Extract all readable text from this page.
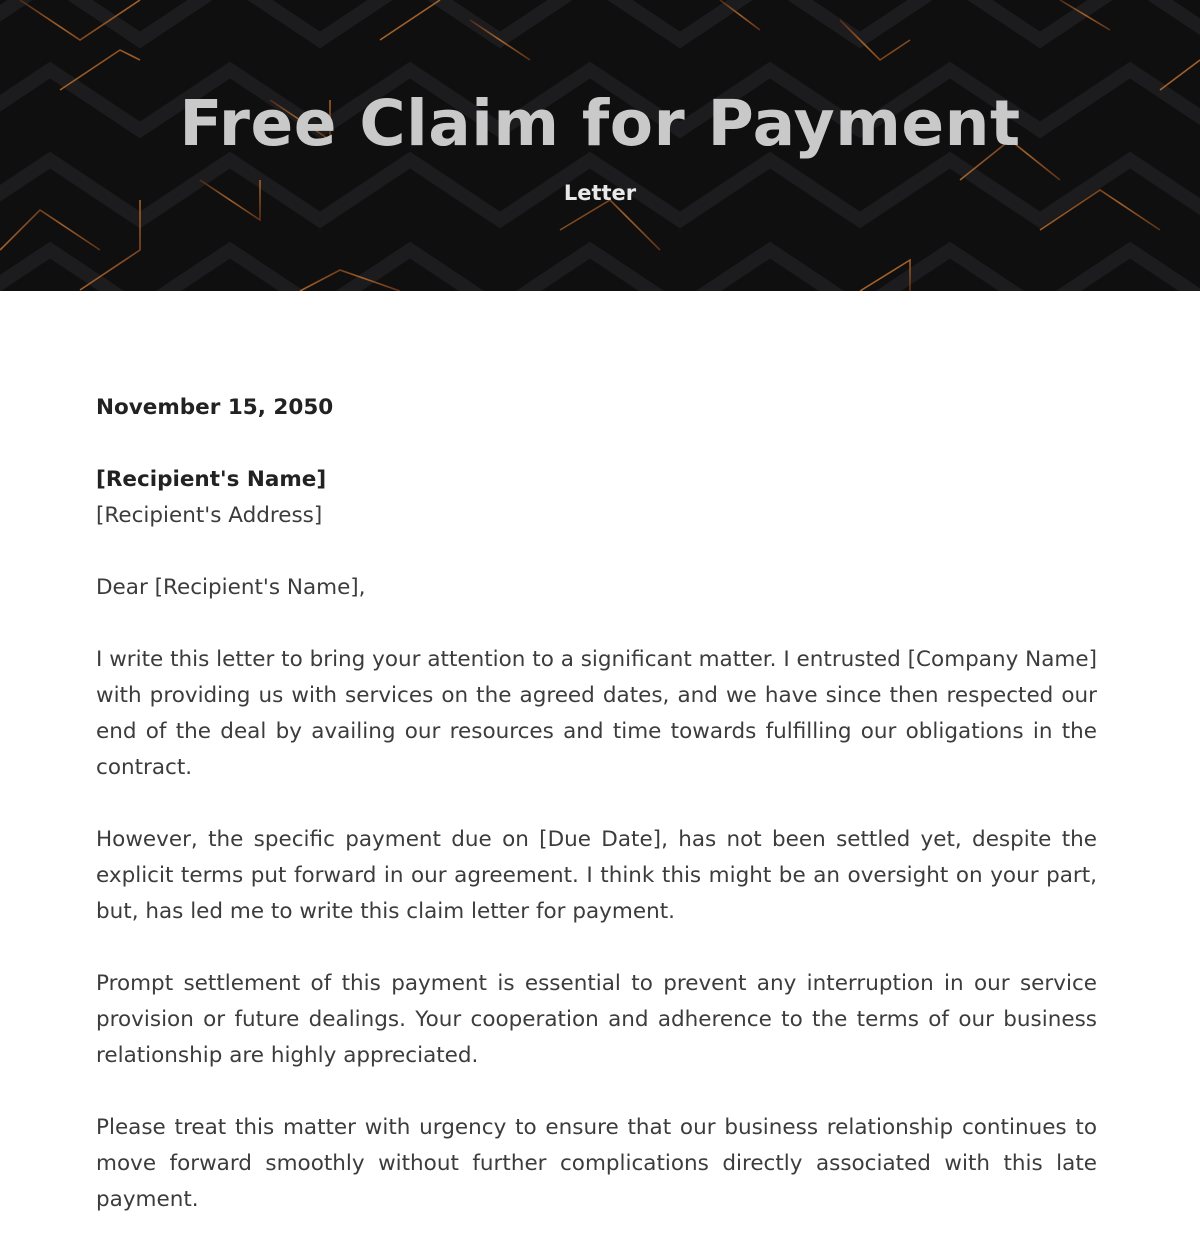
Free Claim for Payment
Letter

November 15, 2050

[Recipient's Name]

[Recipient's Address]

Dear [Recipient's Name],

I write this letter to bring your attention to a significant matter. I entrusted [Company Name] with providing us with services on the agreed dates, and we have since then respected our end of the deal by availing our resources and time towards fulfilling our obligations in the contract.

However, the specific payment due on [Due Date], has not been settled yet, despite the explicit terms put forward in our agreement. I think this might be an oversight on your part, but, has led me to write this claim letter for payment.

Prompt settlement of this payment is essential to prevent any interruption in our service provision or future dealings. Your cooperation and adherence to the terms of our business relationship are highly appreciated.

Please treat this matter with urgency to ensure that our business relationship continues to move forward smoothly without further complications directly associated with this late payment.
